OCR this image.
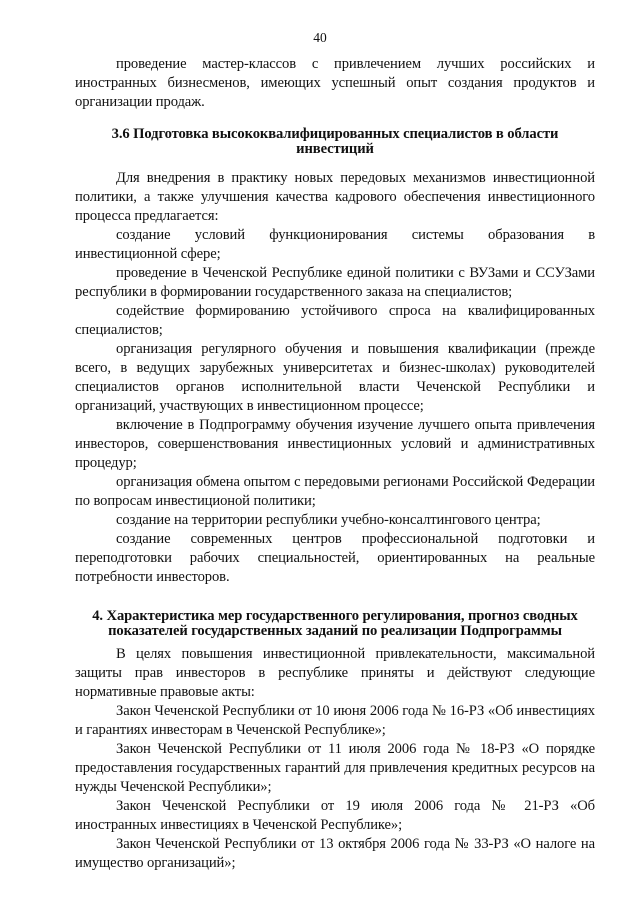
40

проведение мастер-классов с привлечением лучших российских и иностранных бизнесменов, имеющих успешный опыт создания продуктов и организации продаж.

3.6 Подготовка высококвалифицированных специалистов в области инвестиций

Для внедрения в практику новых передовых механизмов инвестиционной политики, а также улучшения качества кадрового обеспечения инвестиционного процесса предлагается:

создание условий функционирования системы образования в инвестиционной сфере;

проведение в Чеченской Республике единой политики с ВУЗами и ССУЗами республики в формировании государственного заказа на специалистов;

содействие формированию устойчивого спроса на квалифицированных специалистов;

организация регулярного обучения и повышения квалификации (прежде всего, в ведущих зарубежных университетах и бизнес-школах) руководителей специалистов органов исполнительной власти Чеченской Республики и организаций, участвующих в инвестиционном процессе;

включение в Подпрограмму обучения изучение лучшего опыта привлечения инвесторов, совершенствования инвестиционных условий и административных процедур;

организация обмена опытом с передовыми регионами Российской Федерации по вопросам инвестиционой политики;

создание на территории республики учебно-консалтингового центра;

создание современных центров профессиональной подготовки и переподготовки рабочих специальностей, ориентированных на реальные потребности инвесторов.

4. Характеристика мер государственного регулирования, прогноз сводных показателей государственных заданий по реализации Подпрограммы

В целях повышения инвестиционной привлекательности, максимальной защиты прав инвесторов в республике приняты и действуют следующие нормативные правовые акты:

Закон Чеченской Республики от 10 июня 2006 года № 16-РЗ «Об инвестициях и гарантиях инвесторам в Чеченской Республике»;

Закон Чеченской Республики от 11 июля 2006 года № 18-РЗ «О порядке предоставления государственных гарантий для привлечения кредитных ресурсов на нужды Чеченской Республики»;

Закон Чеченской Республики от 19 июля 2006 года № 21-РЗ «Об иностранных инвестициях в Чеченской Республике»;

Закон Чеченской Республики от 13 октября 2006 года № 33-РЗ «О налоге на имущество организаций»;
